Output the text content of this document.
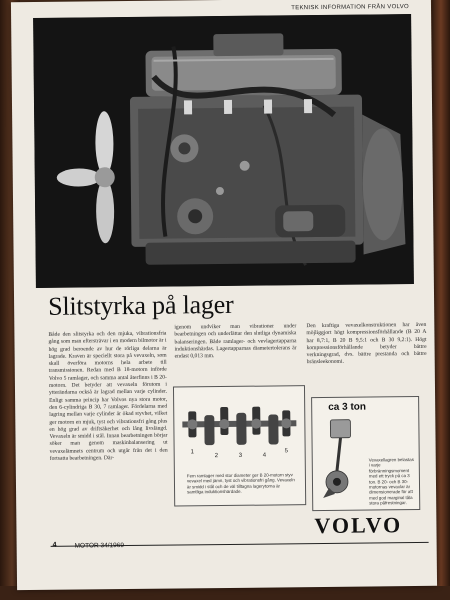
TEKNISK INFORMATION FRÅN VOLVO
Slitstyrka på lager
Både den slitstyrka och den mjuka, vibrationsfria gång som man eftersträvar i en modern bilmotor är i hög grad beroende av hur de rörliga delarna är lagrade. Kraven är speciellt stora på vevaxeln, som skall överföra motorns hela arbete till transmissionen. Redan med B 18-motorn införde Volvo 5 ramlager, och samma antal återfinns i B 20-motorn. Det betyder att vevaxeln förutom i ytterändarna också är lagrad mellan varje cylinder. Enligt samma princip har Volvos nya stora motor, den 6-cylindriga B 30, 7 ramlager. Fördelarna med lagring mellan varje cylinder är ökad styvhet, vilket ger motorn en mjuk, tyst och vibrationsfri gång plus en hög grad av driftsäkerhet och lång livslängd. Vevaxeln är smidd i stål. Innan bearbetningen börjar söker man genom maskinbalansering ut vevaxelämnets centrum och utgår från det i den fortsatta bearbetningen. Där-
igenom undviker man vibrationer under bearbetningen och underlättar den slutliga dynamiska balanseringen. Både ramlager- och vevlagertapparna induktionshärdas. Lagertapparnas diametertolerans är endast 0,013 mm.
Den kraftiga vevaxelkonstruktionen har även möjliggjort högt kompressionsförhållande (B 20 A har 8,7:1, B 20 B 9,5:1 och B 30 9,2:1). Högt kompressionsförhållande betyder bättre verkningsgrad, dvs. bättre prestanda och bättre bränsleekonomi.
1
2	3	4
5
Fem ramlager med stor diameter ger B 20-motorn styv vevaxel med jämn, tyst och vibrationsfri gång. Vevaxeln är smidd i stål och de väl tilltagna lagerytorna är samtliga induktionshärdade.
ca 3 ton
Vevaxellagren belastas i varje förbränningsmoment med ett tryck på ca 3 ton. B 20- och B 30-motornas vevaxlar är dimensionerade för att med god marginal tåla stora påfrestningar.
VOLVO
4	MOTOR 34/1969
